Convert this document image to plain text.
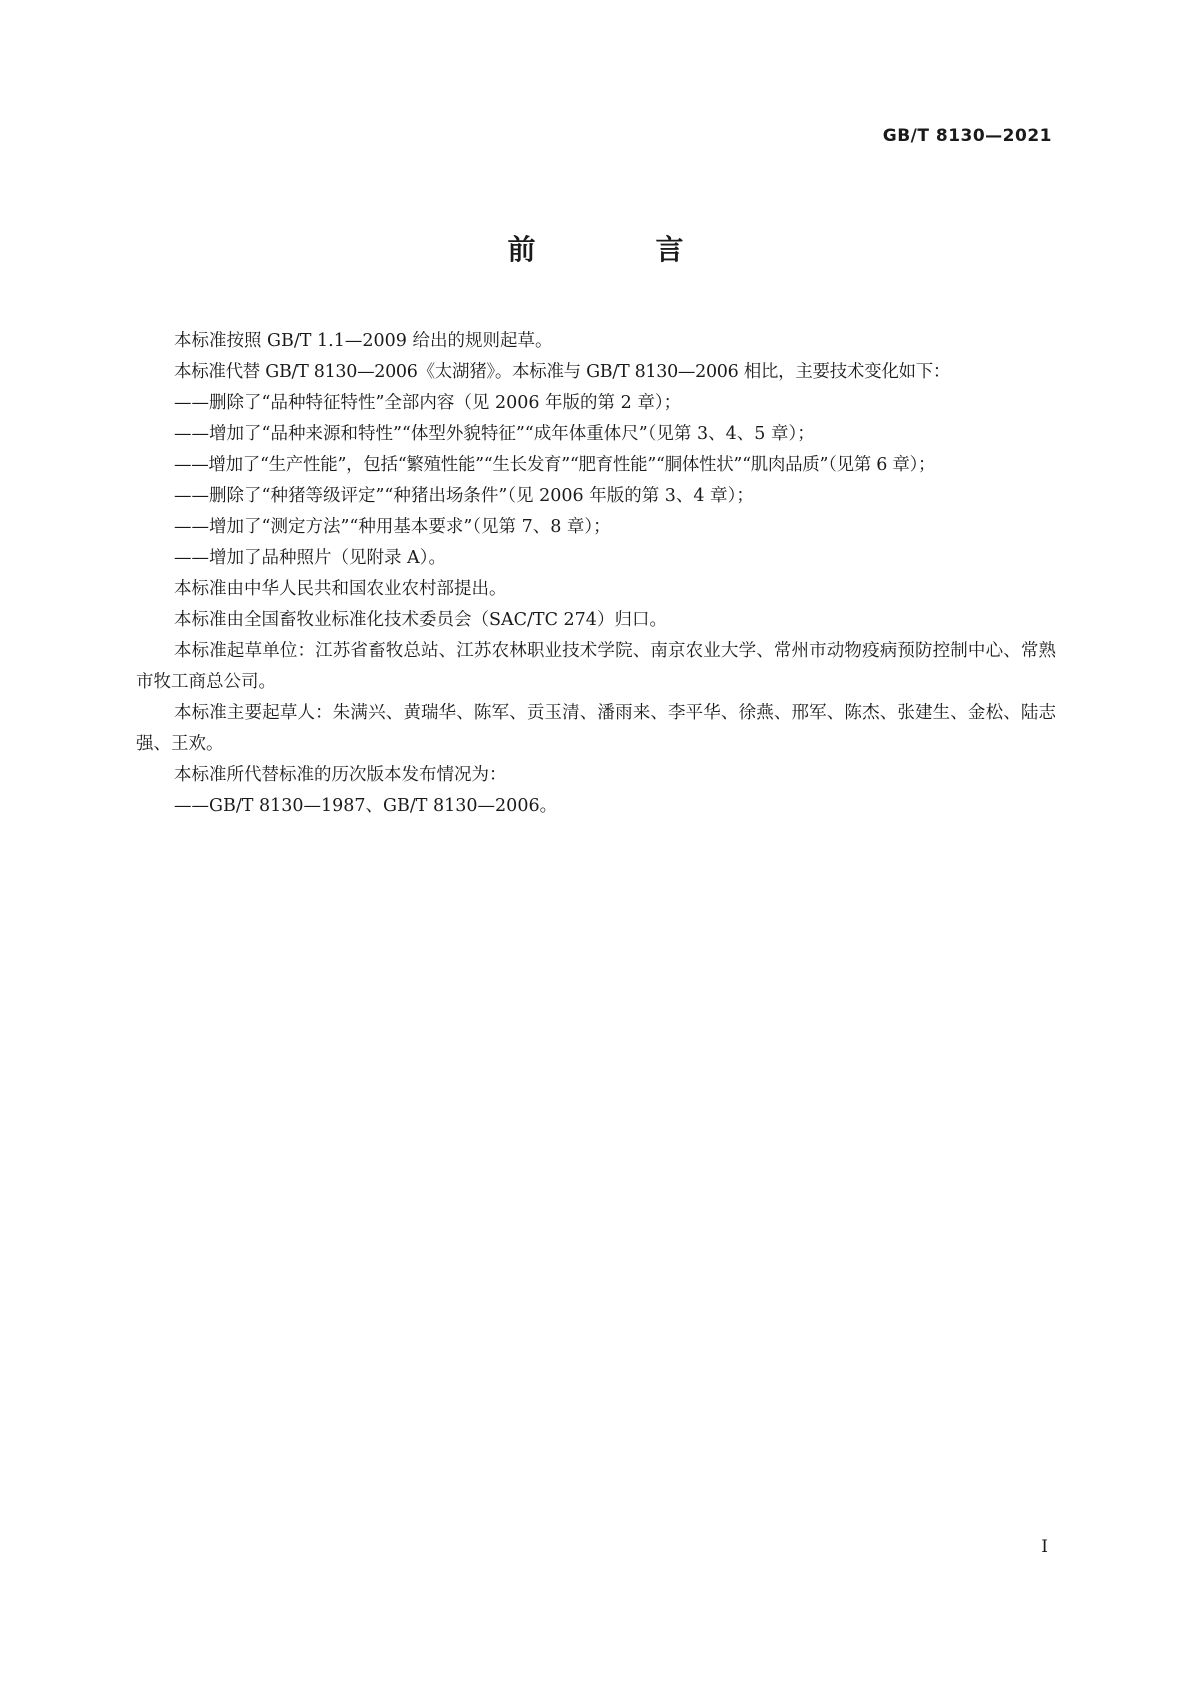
GB/T 8130—2021
前　言

本标准按照 GB/T 1.1—2009 给出的规则起草。

本标准代替 GB/T 8130—2006《太湖猪》。本标准与 GB/T 8130—2006 相比，主要技术变化如下：

——删除了“品种特征特性”全部内容（见 2006 年版的第 2 章）；

——增加了“品种来源和特性”“体型外貌特征”“成年体重体尺”（见第 3、4、5 章）；

——增加了“生产性能”，包括“繁殖性能”“生长发育”“肥育性能”“胴体性状”“肌肉品质”（见第 6 章）；

——删除了“种猪等级评定”“种猪出场条件”（见 2006 年版的第 3、4 章）；

——增加了“测定方法”“种用基本要求”（见第 7、8 章）；

——增加了品种照片（见附录 A）。

本标准由中华人民共和国农业农村部提出。

本标准由全国畜牧业标准化技术委员会（SAC/TC 274）归口。

本标准起草单位：江苏省畜牧总站、江苏农林职业技术学院、南京农业大学、常州市动物疫病预防控制中心、常熟市牧工商总公司。

本标准主要起草人：朱满兴、黄瑞华、陈军、贡玉清、潘雨来、李平华、徐燕、邢军、陈杰、张建生、金松、陆志强、王欢。

本标准所代替标准的历次版本发布情况为：

——GB/T 8130—1987、GB/T 8130—2006。

I
